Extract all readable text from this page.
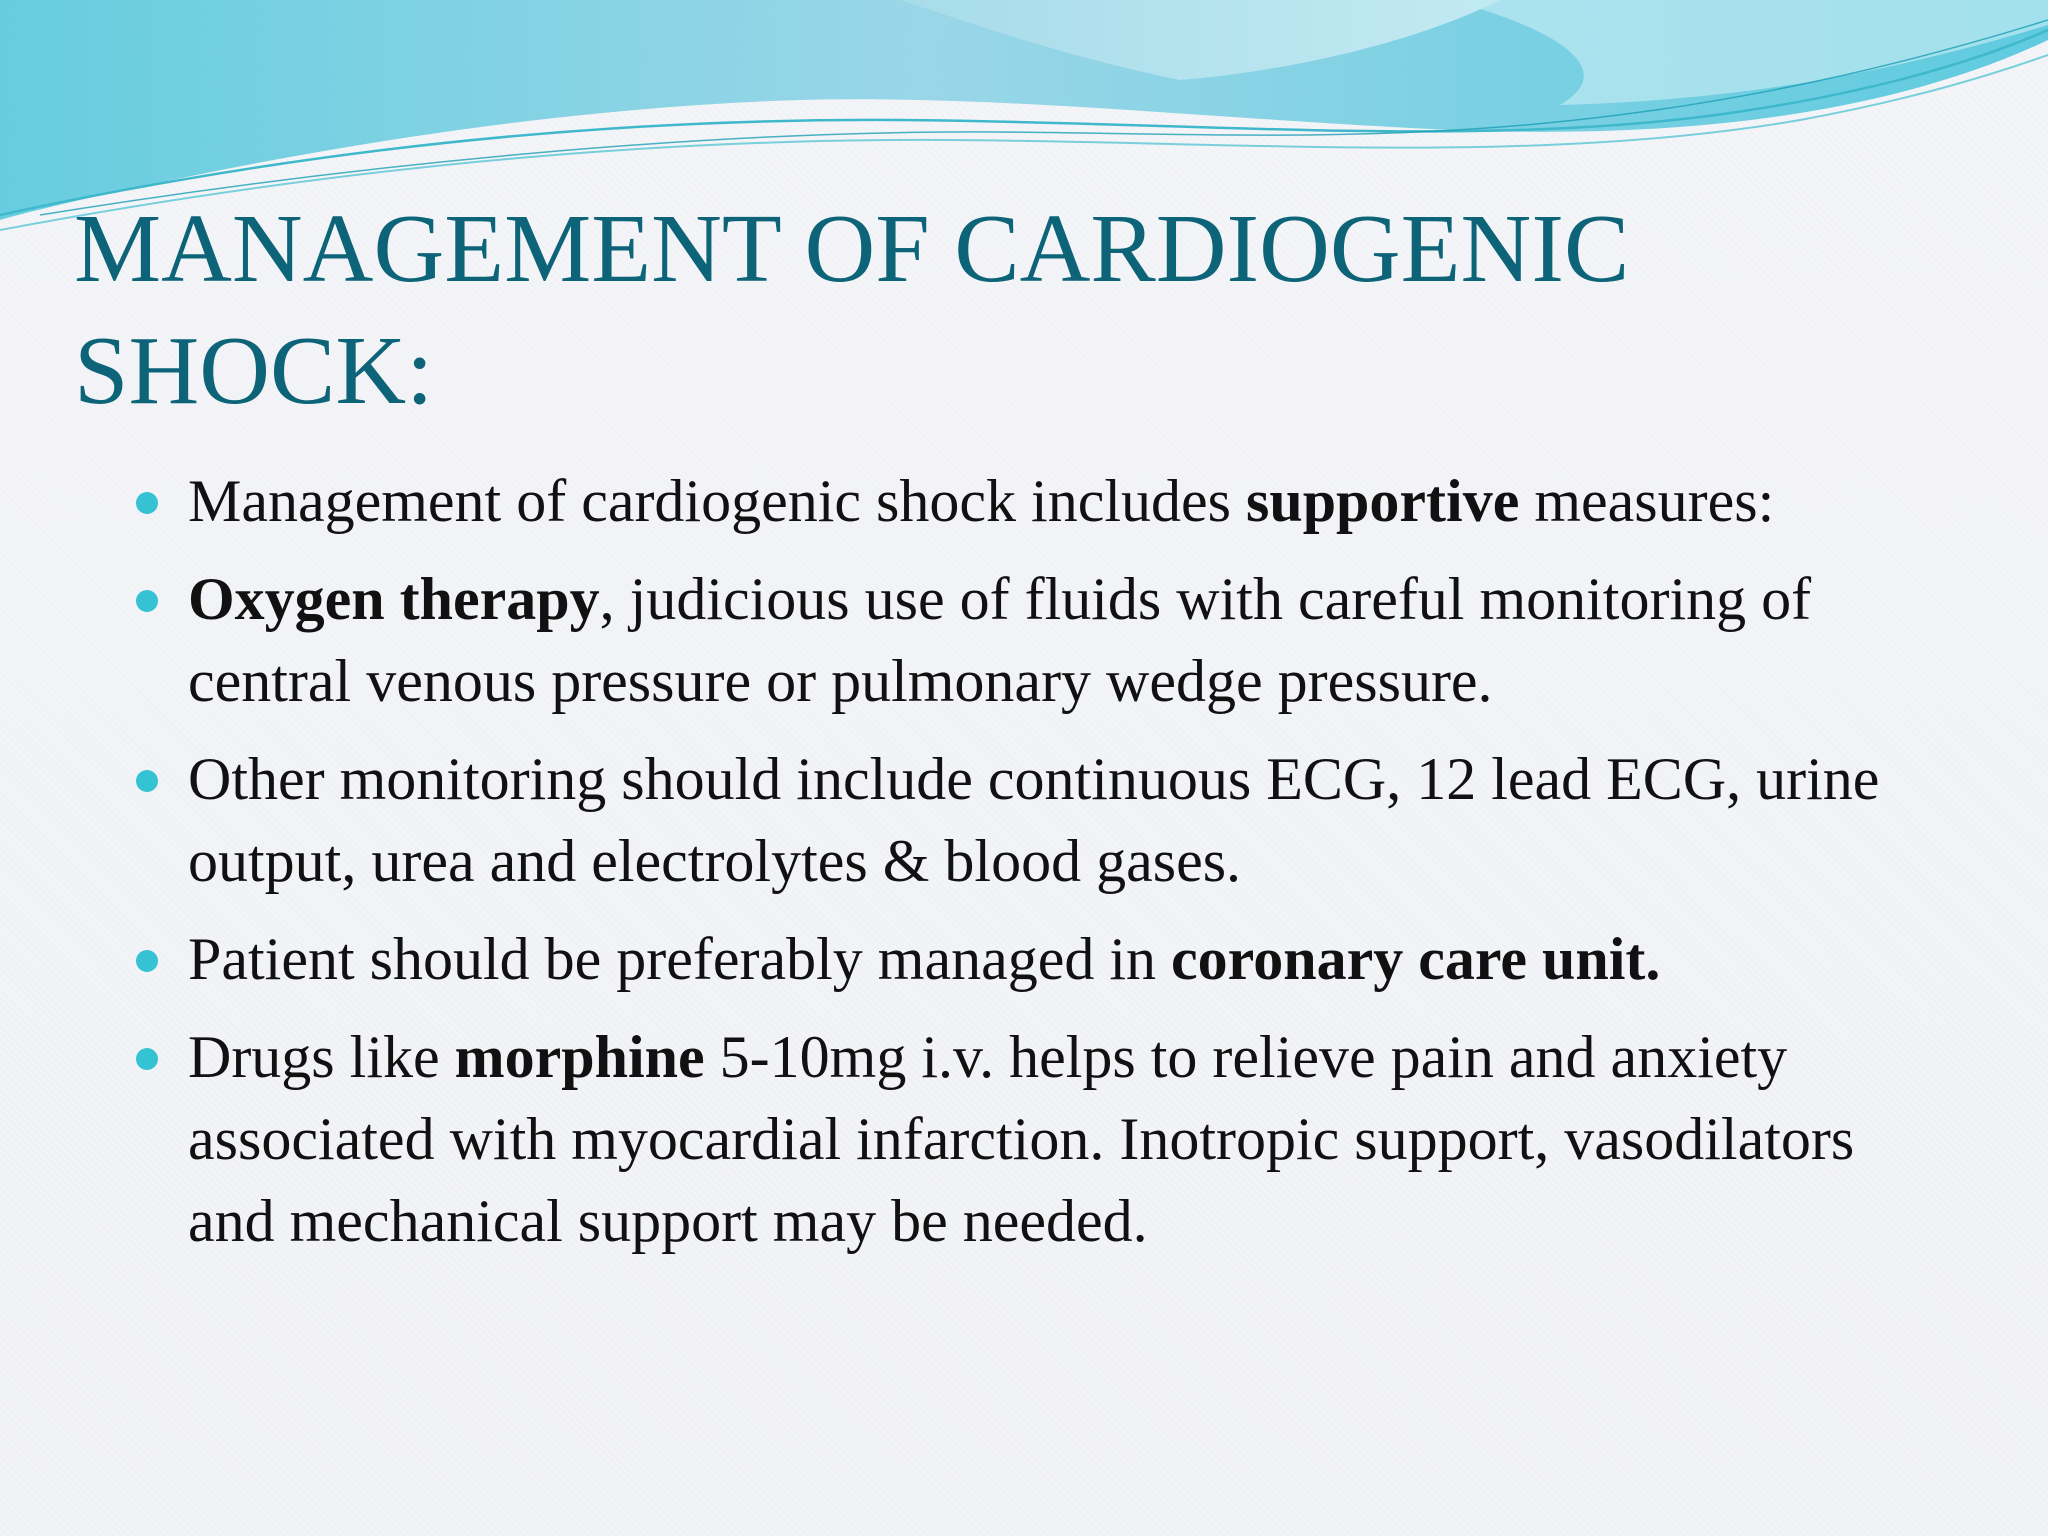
MANAGEMENT OF CARDIOGENIC SHOCK:
Management of cardiogenic shock includes supportive measures:
Oxygen therapy, judicious use of fluids with careful monitoring of central venous pressure or pulmonary wedge pressure.
Other monitoring should include continuous ECG, 12 lead ECG, urine output, urea and electrolytes & blood gases.
Patient should be preferably managed in coronary care unit.
Drugs like morphine 5-10mg i.v. helps to relieve pain and anxiety associated with myocardial infarction. Inotropic support, vasodilators and mechanical support may be needed.
